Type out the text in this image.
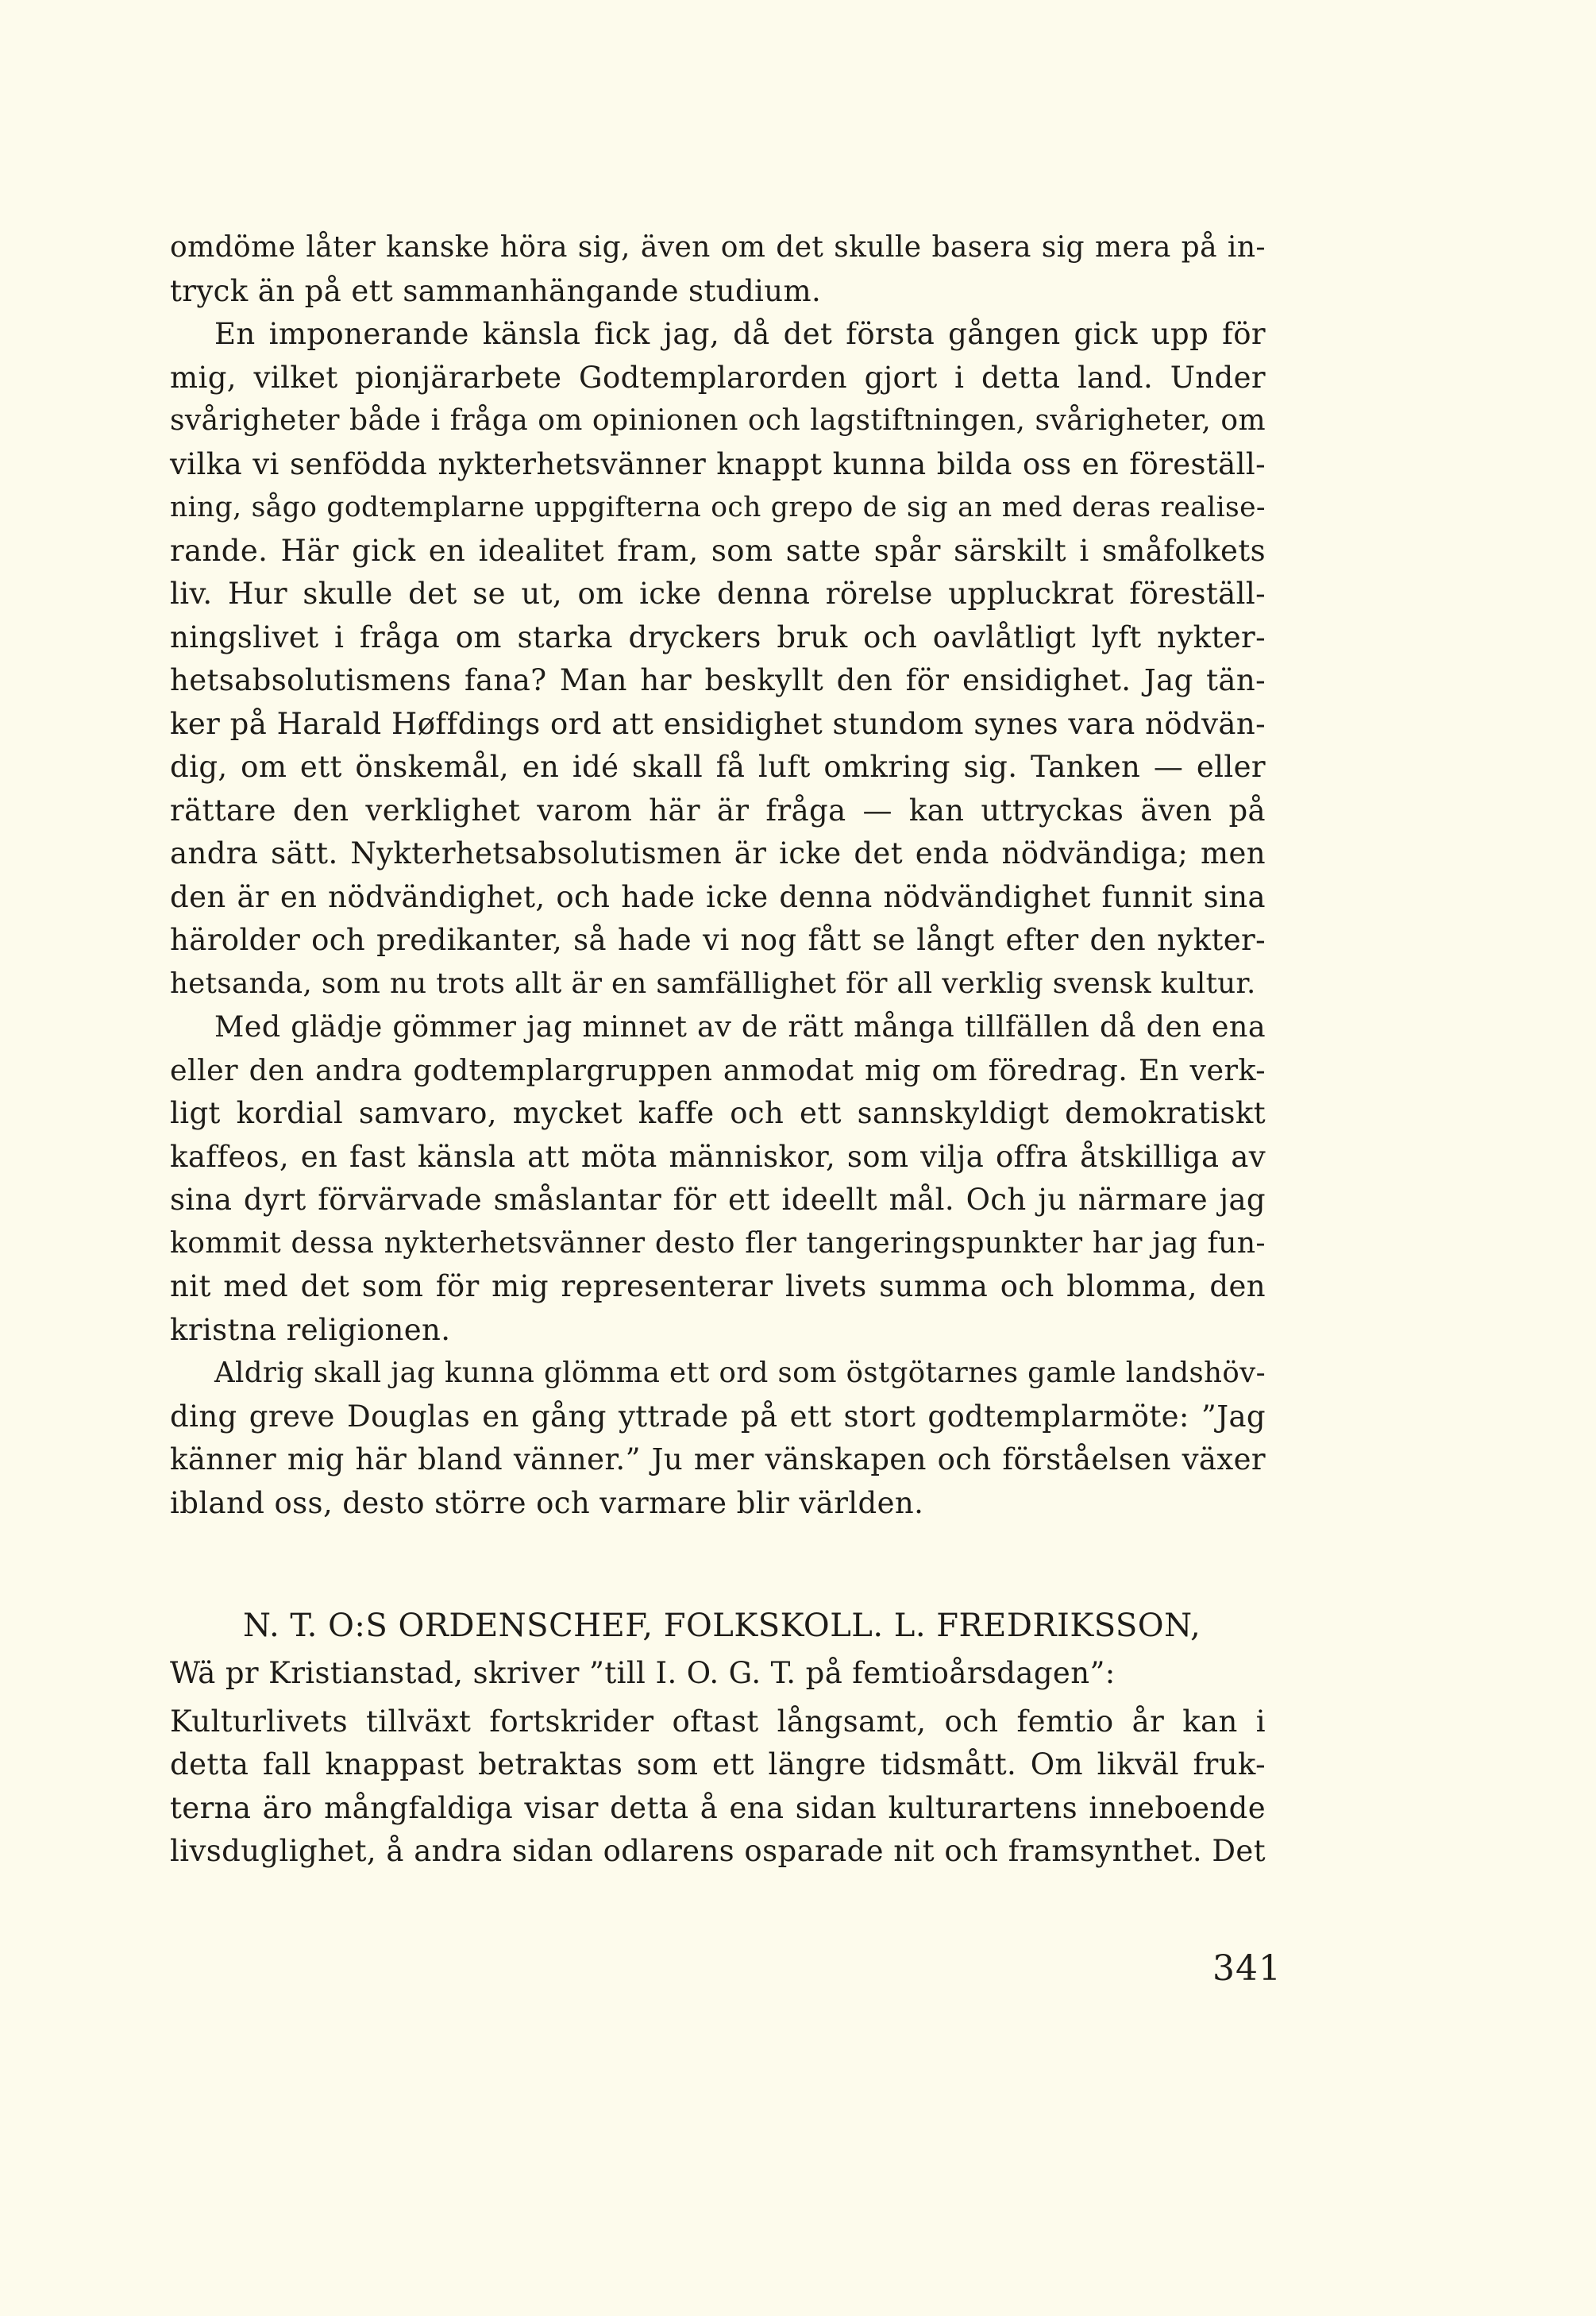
omdöme låter kanske höra sig, även om det skulle basera sig mera på in-
tryck än på ett sammanhängande studium.
En imponerande känsla fick jag, då det första gången gick upp för
mig, vilket pionjärarbete Godtemplarorden gjort i detta land. Under
svårigheter både i fråga om opinionen och lagstiftningen, svårigheter, om
vilka vi senfödda nykterhetsvänner knappt kunna bilda oss en föreställ-
ning, sågo godtemplarne uppgifterna och grepo de sig an med deras realise-
rande. Här gick en idealitet fram, som satte spår särskilt i småfolkets
liv. Hur skulle det se ut, om icke denna rörelse uppluckrat föreställ-
ningslivet i fråga om starka dryckers bruk och oavlåtligt lyft nykter-
hetsabsolutismens fana? Man har beskyllt den för ensidighet. Jag tän-
ker på Harald Høffdings ord att ensidighet stundom synes vara nödvän-
dig, om ett önskemål, en idé skall få luft omkring sig. Tanken — eller
rättare den verklighet varom här är fråga — kan uttryckas även på
andra sätt. Nykterhetsabsolutismen är icke det enda nödvändiga; men
den är en nödvändighet, och hade icke denna nödvändighet funnit sina
härolder och predikanter, så hade vi nog fått se långt efter den nykter-
hetsanda, som nu trots allt är en samfällighet för all verklig svensk kultur.
Med glädje gömmer jag minnet av de rätt många tillfällen då den ena
eller den andra godtemplargruppen anmodat mig om föredrag. En verk-
ligt kordial samvaro, mycket kaffe och ett sannskyldigt demokratiskt
kaffeos, en fast känsla att möta människor, som vilja offra åtskilliga av
sina dyrt förvärvade småslantar för ett ideellt mål. Och ju närmare jag
kommit dessa nykterhetsvänner desto fler tangeringspunkter har jag fun-
nit med det som för mig representerar livets summa och blomma, den
kristna religionen.
Aldrig skall jag kunna glömma ett ord som östgötarnes gamle landshöv-
ding greve Douglas en gång yttrade på ett stort godtemplarmöte: ”Jag
känner mig här bland vänner.” Ju mer vänskapen och förståelsen växer
ibland oss, desto större och varmare blir världen.
N. T. O:S ORDENSCHEF, FOLKSKOLL. L. FREDRIKSSON,
Wä pr Kristianstad, skriver ”till I. O. G. T. på femtioårsdagen”:
Kulturlivets tillväxt fortskrider oftast långsamt, och femtio år kan i
detta fall knappast betraktas som ett längre tidsmått. Om likväl fruk-
terna äro mångfaldiga visar detta å ena sidan kulturartens inneboende
livsduglighet, å andra sidan odlarens osparade nit och framsynthet. Det
341
